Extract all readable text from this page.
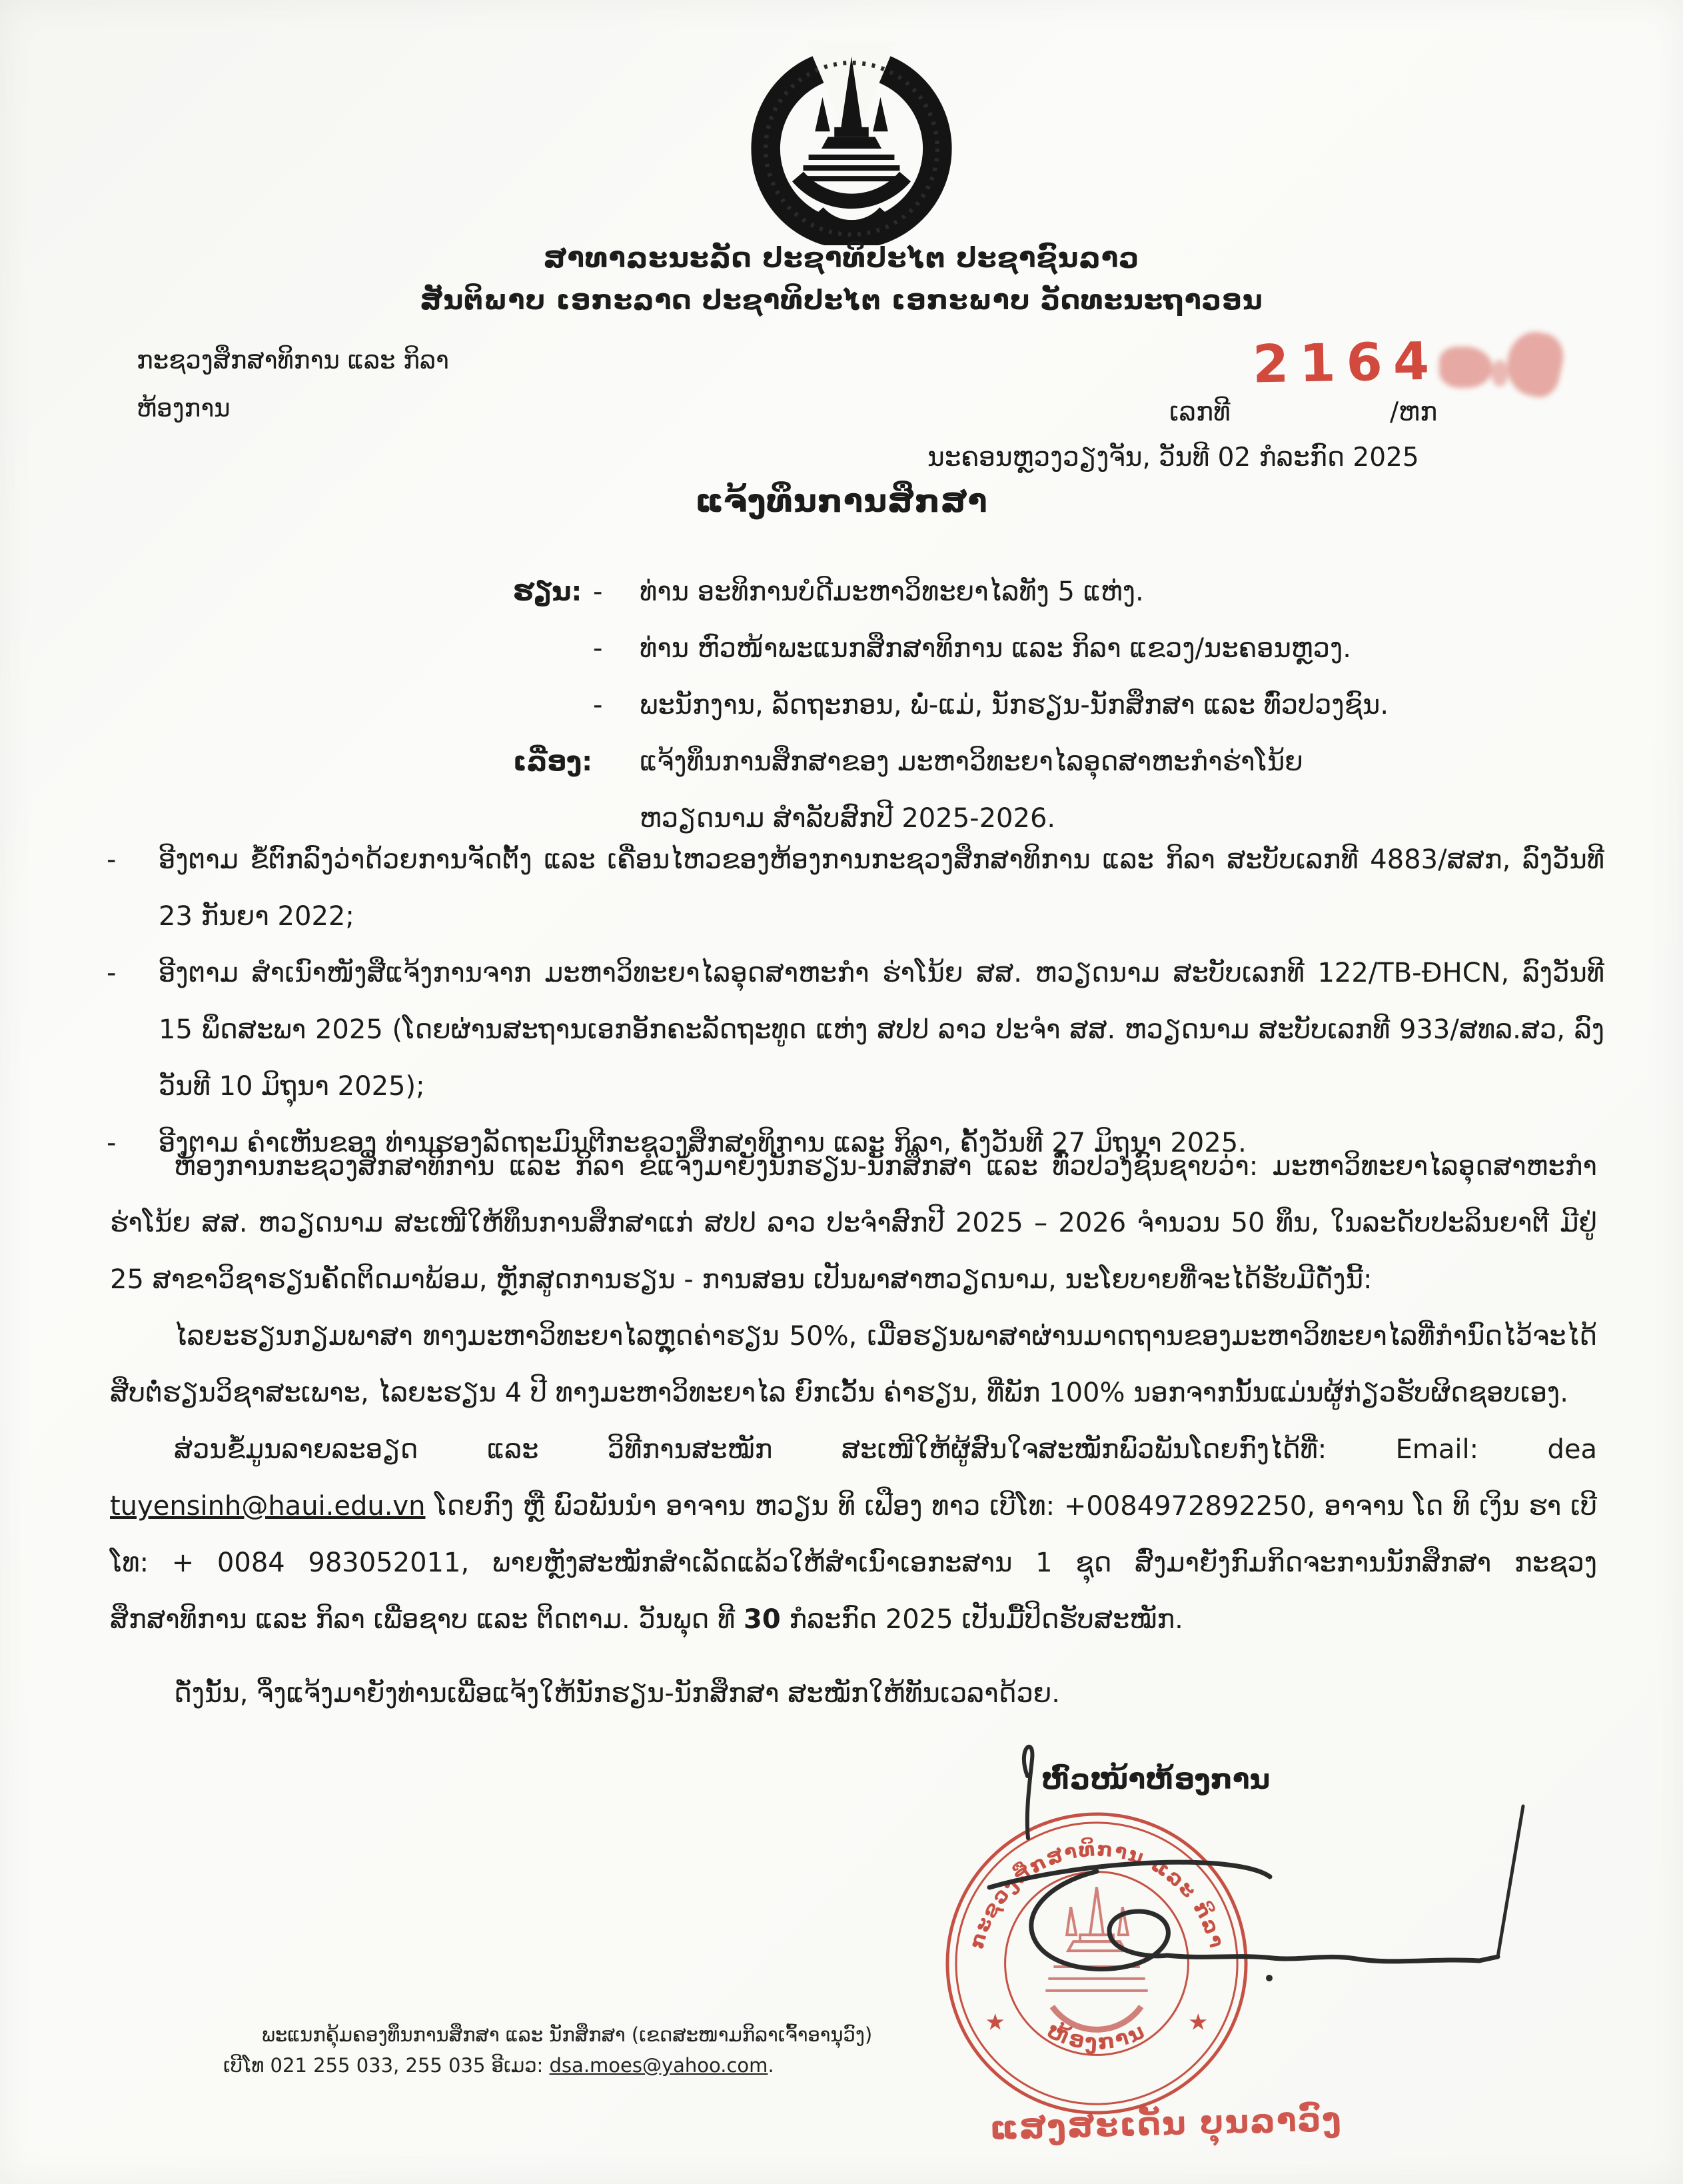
ສາທາລະນະລັດ ປະຊາທິປະໄຕ ປະຊາຊົນລາວ
ສັນຕິພາບ ເອກະລາດ ປະຊາທິປະໄຕ ເອກະພາບ ວັດທະນະຖາວອນ
ກະຊວງສຶກສາທິການ ແລະ ກິລາ
ຫ້ອງການ
2164
ເລກທີ	/ຫກ
ນະຄອນຫຼວງວຽງຈັນ, ວັນທີ 02 ກໍລະກົດ 2025
ແຈ້ງທຶນການສຶກສາ
ຮຽນ: -	ທ່ານ ອະທິການບໍດີມະຫາວິທະຍາໄລທັງ 5 ແຫ່ງ.
-	ທ່ານ ຫົວໜ້າພະແນກສຶກສາທິການ ແລະ ກິລາ ແຂວງ/ນະຄອນຫຼວງ.
-	ພະນັກງານ, ລັດຖະກອນ, ພໍ່-ແມ່, ນັກຮຽນ-ນັກສຶກສາ ແລະ ທົ່ວປວງຊົນ.
ເລື່ອງ: ແຈ້ງທຶນການສຶກສາຂອງ ມະຫາວິທະຍາໄລອຸດສາຫະກຳຮ່າໂນ້ຍ
ຫວຽດນາມ ສຳລັບສົກປີ 2025-2026.
-	ອີງຕາມ ຂໍ້ຕົກລົງວ່າດ້ວຍການຈັດຕັ້ງ ແລະ ເຄື່ອນໄຫວຂອງຫ້ອງການກະຊວງສຶກສາທິການ ແລະ ກິລາ ສະບັບເລກທີ 4883/ສສກ, ລົງວັນທີ 23 ກັນຍາ 2022;
-	ອີງຕາມ ສຳເນົາໜັງສືແຈ້ງການຈາກ ມະຫາວິທະຍາໄລອຸດສາຫະກຳ ຮ່າໂນ້ຍ ສສ. ຫວຽດນາມ ສະບັບເລກທີ 122/TB-ĐHCN, ລົງວັນທີ 15 ພຶດສະພາ 2025 (ໂດຍຜ່ານສະຖານເອກອັກຄະລັດຖະທູດ ແຫ່ງ ສປປ ລາວ ປະຈຳ ສສ. ຫວຽດນາມ ສະບັບເລກທີ 933/ສທລ.ສວ, ລົງວັນທີ 10 ມິຖຸນາ 2025);
-	ອີງຕາມ ຄຳເຫັນຂອງ ທ່ານຮອງລັດຖະມົນຕີກະຊວງສຶກສາທິການ ແລະ ກິລາ, ຄັ້ງວັນທີ 27 ມິຖຸນາ 2025.

ຫ້ອງການກະຊວງສຶກສາທິການ ແລະ ກິລາ ຂໍແຈ້ງມາຍັງນັກຮຽນ-ນັກສຶກສາ ແລະ ທົ່ວປວງຊົນຊາບວ່າ: ມະຫາວິທະຍາໄລອຸດສາຫະກຳ ຮ່າໂນ້ຍ ສສ. ຫວຽດນາມ ສະເໜີໃຫ້ທຶນການສຶກສາແກ່ ສປປ ລາວ ປະຈຳສົກປີ 2025 – 2026 ຈຳນວນ 50 ທຶນ, ໃນລະດັບປະລິນຍາຕີ ມີຢູ່ 25 ສາຂາວິຊາຮຽນຄັດຕິດມາພ້ອມ, ຫຼັກສູດການຮຽນ - ການສອນ ເປັນພາສາຫວຽດນາມ, ນະໂຍບາຍທີ່ຈະໄດ້ຮັບມີດັ່ງນີ້:

ໄລຍະຮຽນກຽມພາສາ ທາງມະຫາວິທະຍາໄລຫຼຸດຄ່າຮຽນ 50%, ເມື່ອຮຽນພາສາຜ່ານມາດຖານຂອງມະຫາວິທະຍາໄລທີ່ກຳນົດໄວ້ຈະໄດ້ສືບຕໍ່ຮຽນວິຊາສະເພາະ, ໄລຍະຮຽນ 4 ປີ ທາງມະຫາວິທະຍາໄລ ຍົກເວັ້ນ ຄ່າຮຽນ, ທີ່ພັກ 100% ນອກຈາກນັ້ນແມ່ນຜູ້ກ່ຽວຮັບຜິດຊອບເອງ.

ສ່ວນຂໍ້ມູນລາຍລະອຽດ ແລະ ວິທີການສະໝັກ ສະເໜີໃຫ້ຜູ້ສົນໃຈສະໝັກພົວພັນໂດຍກົງໄດ້ທີ່: Email: dea tuyensinh@haui.edu.vn ໂດຍກົງ ຫຼື ພົວພັນນຳ ອາຈານ ຫວຽນ ທິ ເຟືອງ ທາວ ເບີໂທ: +0084972892250, ອາຈານ ໂດ ທິ ເງິນ ຮາ ເບີໂທ: + 0084 983052011, ພາຍຫຼັງສະໝັກສຳເລັດແລ້ວໃຫ້ສຳເນົາເອກະສານ 1 ຊຸດ ສົ່ງມາຍັງກົມກິດຈະການນັກສຶກສາ ກະຊວງສຶກສາທິການ ແລະ ກິລາ ເພື່ອຊາບ ແລະ ຕິດຕາມ. ວັນພຸດ ທີ 30 ກໍລະກົດ 2025 ເປັນມື້ປິດຮັບສະໝັກ.

ດັ່ງນັ້ນ, ຈຶ່ງແຈ້ງມາຍັງທ່ານເພື່ອແຈ້ງໃຫ້ນັກຮຽນ-ນັກສຶກສາ ສະໝັກໃຫ້ທັນເວລາດ້ວຍ.

ຫົວໜ້າຫ້ອງການ
ກະຊວງສຶກສາທິການ ແລະ ກິລາ
ຫ້ອງການ
★	★
ແສງສະເດັນ ບຸນລາວົງ
ພະແນກຄຸ້ມຄອງທຶນການສຶກສາ ແລະ ນັກສຶກສາ (ເຂດສະໜາມກິລາເຈົ້າອານຸວົງ)
ເບີໂທ 021 255 033, 255 035 ອີເມວ: dsa.moes@yahoo.com.
